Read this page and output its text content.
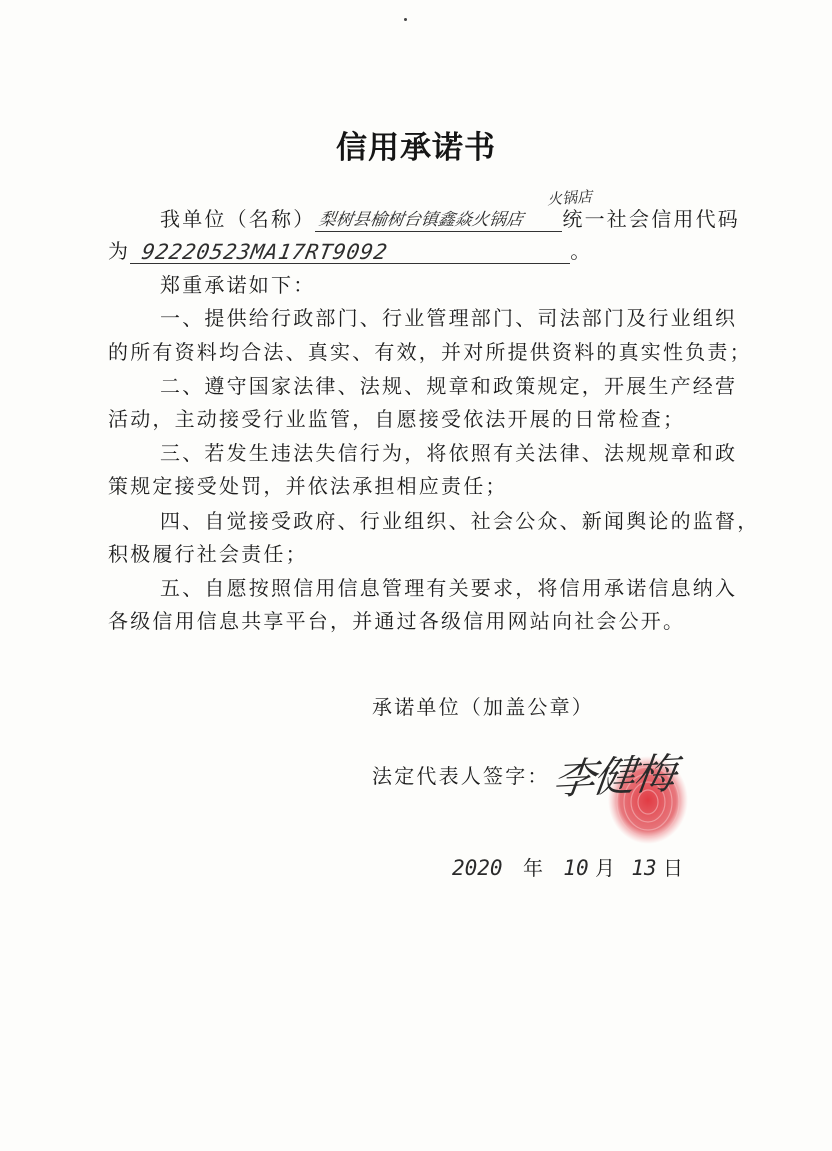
信用承诺书
我单位（名称） 梨树县榆树台镇鑫焱火锅店
火锅店
统一社会信用代码
为 92220523MA17RT9092	。
郑重承诺如下：
一、提供给行政部门、行业管理部门、司法部门及行业组织
的所有资料均合法、真实、有效，并对所提供资料的真实性负责；
二、遵守国家法律、法规、规章和政策规定，开展生产经营
活动，主动接受行业监管，自愿接受依法开展的日常检查；
三、若发生违法失信行为，将依照有关法律、法规规章和政
策规定接受处罚，并依法承担相应责任；
四、自觉接受政府、行业组织、社会公众、新闻舆论的监督，
积极履行社会责任；
五、自愿按照信用信息管理有关要求，将信用承诺信息纳入
各级信用信息共享平台，并通过各级信用网站向社会公开。
承诺单位（加盖公章）
法定代表人签字： 李健梅
2020 年 10 月 13 日
